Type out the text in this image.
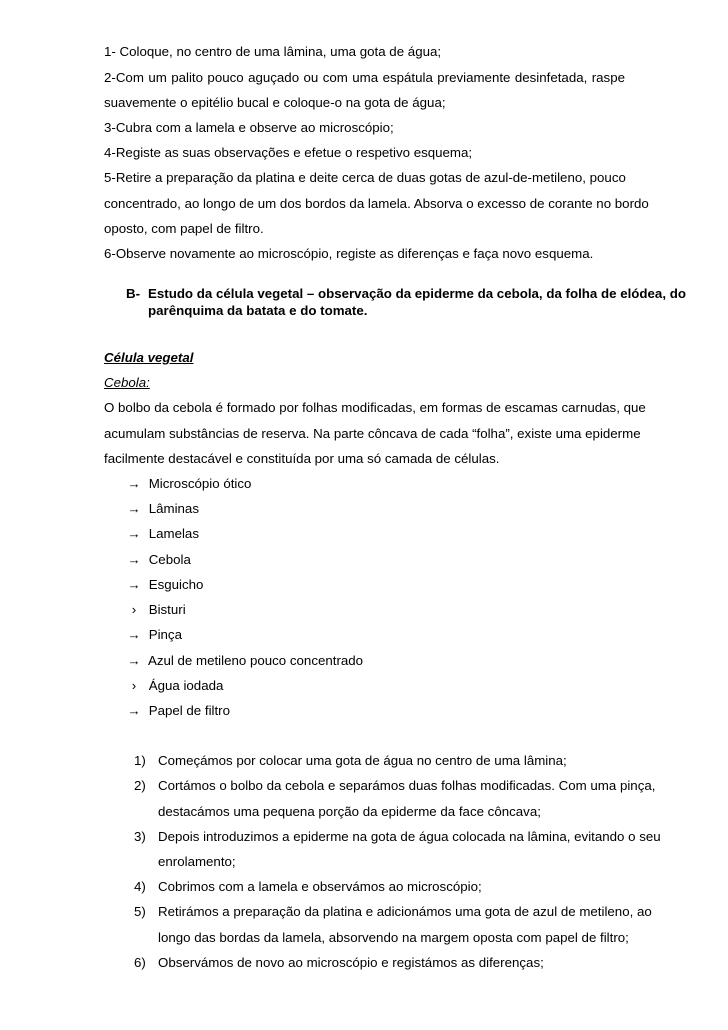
1- Coloque, no centro de uma lâmina, uma gota de água;
2-Com um palito pouco aguçado ou com uma espátula previamente desinfetada, raspe
suavemente o epitélio bucal e coloque-o na gota de água;
3-Cubra com a lamela e observe ao microscópio;
4-Registe as suas observações e efetue o respetivo esquema;
5-Retire a preparação da platina e deite cerca de duas gotas de azul-de-metileno, pouco
concentrado, ao longo de um dos bordos da lamela. Absorva o excesso de corante no bordo
oposto, com papel de filtro.
6-Observe novamente ao microscópio, registe as diferenças e faça novo esquema.
B- Estudo da célula vegetal – observação da epiderme da cebola, da folha de elódea, do
parênquima da batata e do tomate.
Célula vegetal
Cebola:
O bolbo da cebola é formado por folhas modificadas, em formas de escamas carnudas, que
acumulam substâncias de reserva. Na parte côncava de cada “folha”, existe uma epiderme
facilmente destacável e constituída por uma só camada de células.
→ Microscópio ótico
→ Lâminas
→ Lamelas
→ Cebola
→ Esguicho
› Bisturi
→ Pinça
→ Azul de metileno pouco concentrado
› Água iodada
→ Papel de filtro
1) Começámos por colocar uma gota de água no centro de uma lâmina;
2) Cortámos o bolbo da cebola e separámos duas folhas modificadas. Com uma pinça,
destacámos uma pequena porção da epiderme da face côncava;
3) Depois introduzimos a epiderme na gota de água colocada na lâmina, evitando o seu
enrolamento;
4) Cobrimos com a lamela e observámos ao microscópio;
5) Retirámos a preparação da platina e adicionámos uma gota de azul de metileno, ao
longo das bordas da lamela, absorvendo na margem oposta com papel de filtro;
6) Observámos de novo ao microscópio e registámos as diferenças;
